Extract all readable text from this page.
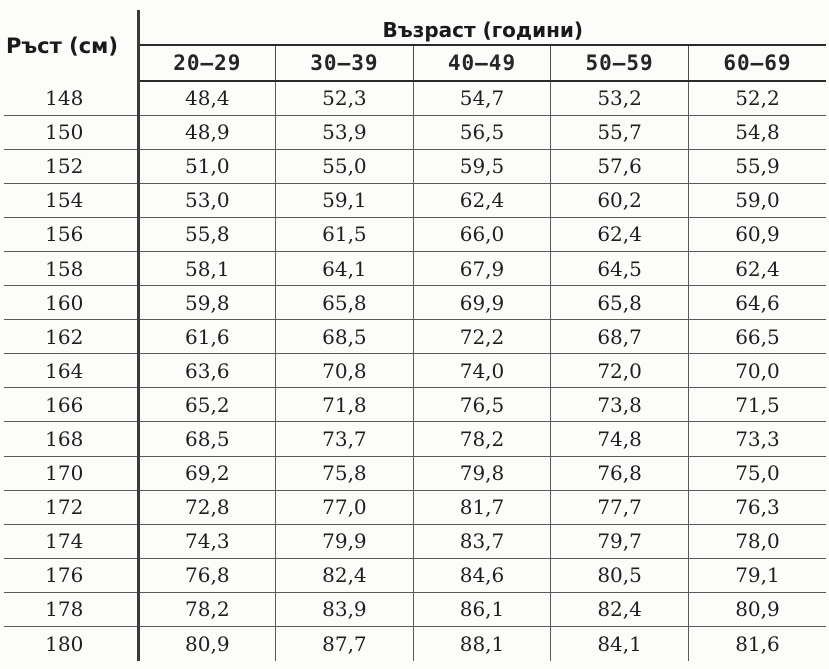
Ръст (см)	Възраст (години)				
	20–29	30–39	40–49	50–59	60–69
148	48,4	52,3	54,7	53,2	52,2
150	48,9	53,9	56,5	55,7	54,8
152	51,0	55,0	59,5	57,6	55,9
154	53,0	59,1	62,4	60,2	59,0
156	55,8	61,5	66,0	62,4	60,9
158	58,1	64,1	67,9	64,5	62,4
160	59,8	65,8	69,9	65,8	64,6
162	61,6	68,5	72,2	68,7	66,5
164	63,6	70,8	74,0	72,0	70,0
166	65,2	71,8	76,5	73,8	71,5
168	68,5	73,7	78,2	74,8	73,3
170	69,2	75,8	79,8	76,8	75,0
172	72,8	77,0	81,7	77,7	76,3
174	74,3	79,9	83,7	79,7	78,0
176	76,8	82,4	84,6	80,5	79,1
178	78,2	83,9	86,1	82,4	80,9
180	80,9	87,7	88,1	84,1	81,6
